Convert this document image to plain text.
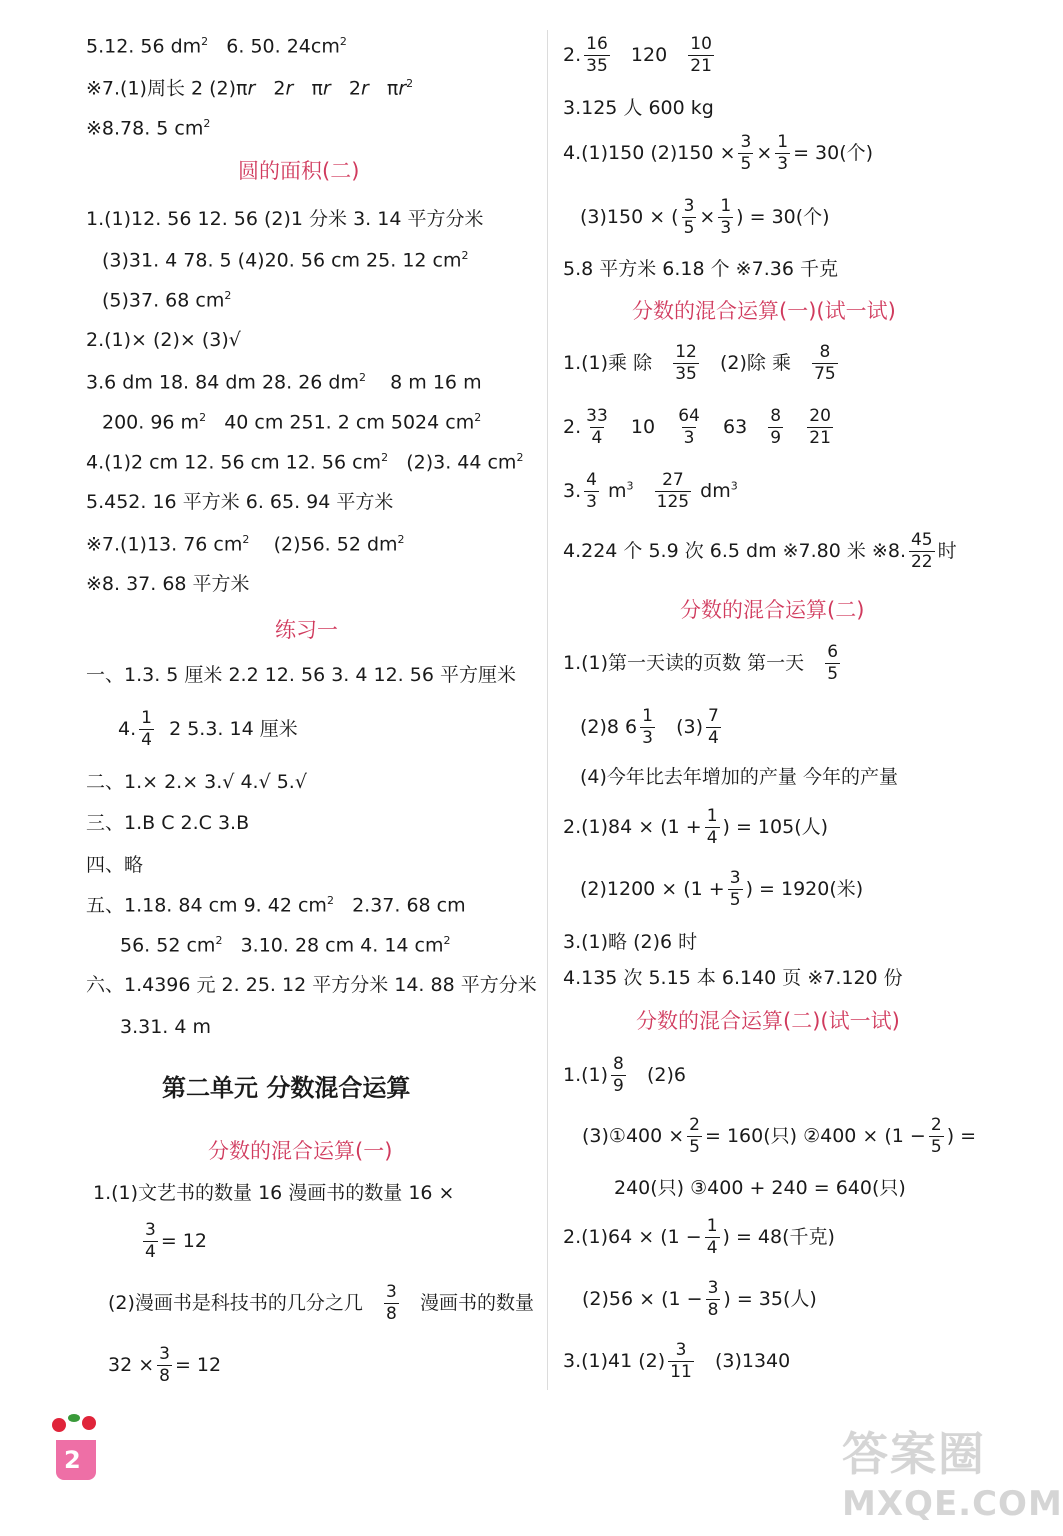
5.12. 56 $dm^2$ 6. 50. $24cm^2$
※7.(1)周长 2 (2)πr 2r πr 2r $\pi r^2$
※8.78. 5 $cm^2$
圆的面积(二)
1.(1)12. 56 12. 56 (2)1 分米 3. 14 平方分米
(3)31. 4 78. 5 (4)20. 56 cm 25. 12 $cm^2$
(5)37. 68 $cm^2$
2.(1)× (2)× (3)√
3.6 dm 18. 84 dm 28. 26 $dm^2$ 8 m 16 m
200. 96 $m^2$ 40 cm 251. 2 cm 5024 $cm^2$
4.(1)2 cm 12. 56 cm 12. 56 $cm^2$ (2)3. 44 $cm^2$
5.452. 16 平方米 6. 65. 94 平方米
※7.(1)13. 76 $cm^2$ (2)56. 52 $dm^2$
※8. 37. 68 平方米
练习一
一、1.3. 5 厘米 2.2 12. 56 3. 4 12. 56 平方厘米
4. $\frac{1}{4} 2$ 5.3. 14 厘米
二、1.× 2.× 3.√ 4.√ 5.√
三、1.B C 2.C 3.B
四、略
五、1.18. 84 cm 9. 42 $cm^2$ 2.37. 68 cm
56. 52 $cm^2$ 3.10. 28 cm 4. 14 $cm^2$
六、1.4396 元 2. 25. 12 平方分米 14. 88 平方分米
3.31. 4 m
第二单元 分数混合运算
分数的混合运算(一)
1.(1)文艺书的数量 16 漫画书的数量 16 ×
$\frac{3}{4} = 12$
(2)漫画书是科技书的几分之几 $\frac{3}{8}$ 漫画书的数量
$32 \times \frac{3}{8} = 12$
2
2. $\frac{16}{35} 120 \frac{10}{21}$
3.125 人 600 kg
4.(1)150 $(2)150 \times \frac{3}{5} \times \frac{1}{3} = 30$(个)
(3)150 × ( $\frac{3}{5} \times \frac{1}{3}$ ) = 30(个)
5.8 平方米 6.18 个 ※7.36 千克
分数的混合运算(一)(试一试)
1.(1)乘 除 $\frac{12}{35} (2)$除 乘 $\frac{8}{75}$
2. $\frac{33}{4} 10 \frac{64}{3} 63 \frac{8}{9}$
$\frac{20}{21}$
3. $\frac{4}{3} m^3 \frac{27}{125} dm^3$
4.224 个 5.9 次 6.5 dm ※7.80 米 ※8. $\frac{45}{22}$ 时
分数的混合运算(二)
1.(1)第一天读的页数 第一天 $\frac{6}{5}$
(2)8 $6 \frac{1}{3} (3) \frac{7}{4}$
(4)今年比去年增加的产量 今年的产量
$2.(1)84 \times (1 + \frac{1}{4}$ ) = 105(人)
$(2)1200 \times (1 + \frac{3}{5}$ ) = 1920(米)
3.(1)略 (2)6 时
4.135 次 5.15 本 6.140 页 ※7.120 份
分数的混合运算(二)(试一试)
$1.(1) \frac{8}{9} (2)6$
(3)①400 × $\frac{2}{5} = 160$(只) ②400 × ($1 - \frac{2}{5}$ ) =
240(只) ③400 + 240 = 640(只)
$2.(1)64 \times (1 - \frac{1}{4}$ ) = 48(千克)
$(2)56 \times (1 - \frac{3}{8}$ ) = 35(人)
3.(1)41 $(2) \frac{3}{11} (3)1340$
答案圈
MXQE.COM
